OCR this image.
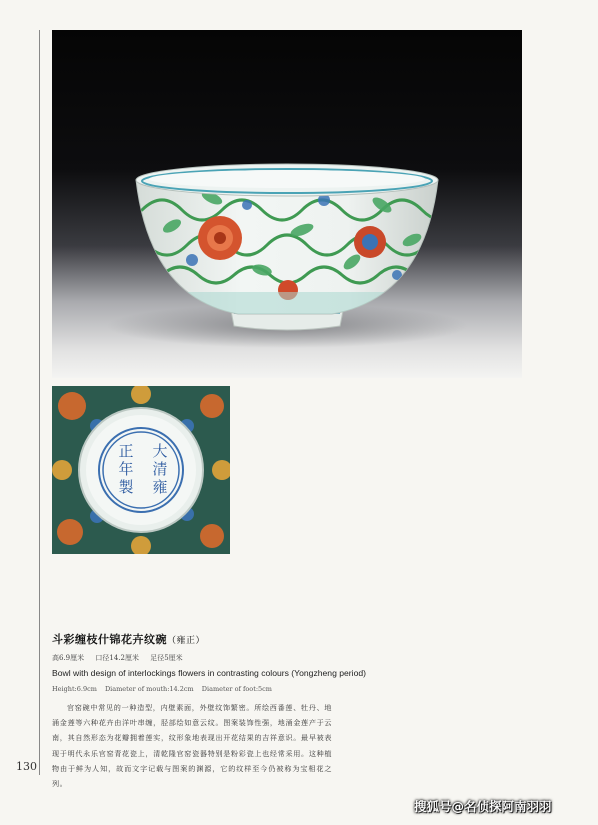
大
清
雍
正
年
製
斗彩缠枝什锦花卉纹碗（雍正）
高6.9厘米 口径14.2厘米 足径5厘米
Bowl with design of interlockings flowers in contrasting colours (Yongzheng period)
Height:6.9cm Diameter of mouth:14.2cm Diameter of foot:5cm

官窑碗中常见的一种造型，内壁素面，外壁纹饰繁密。所绘西番莲、牡丹、地涌金莲等六种花卉由洋叶串缠，胫部绘如意云纹。图案装饰性强，地涌金莲产于云南，其自然形态为花瓣拥着莲实，纹形象地表现出开花结果的吉祥意识。最早被表现于明代永乐官窑青花瓷上，清乾隆官窑瓷器特别是粉彩瓷上也经常采用。这种植物由于鲜为人知，故而文字记载与图案的渊源，它的纹样至今仍被称为宝相花之列。

130
搜狐号@名侦探阿南羽羽
